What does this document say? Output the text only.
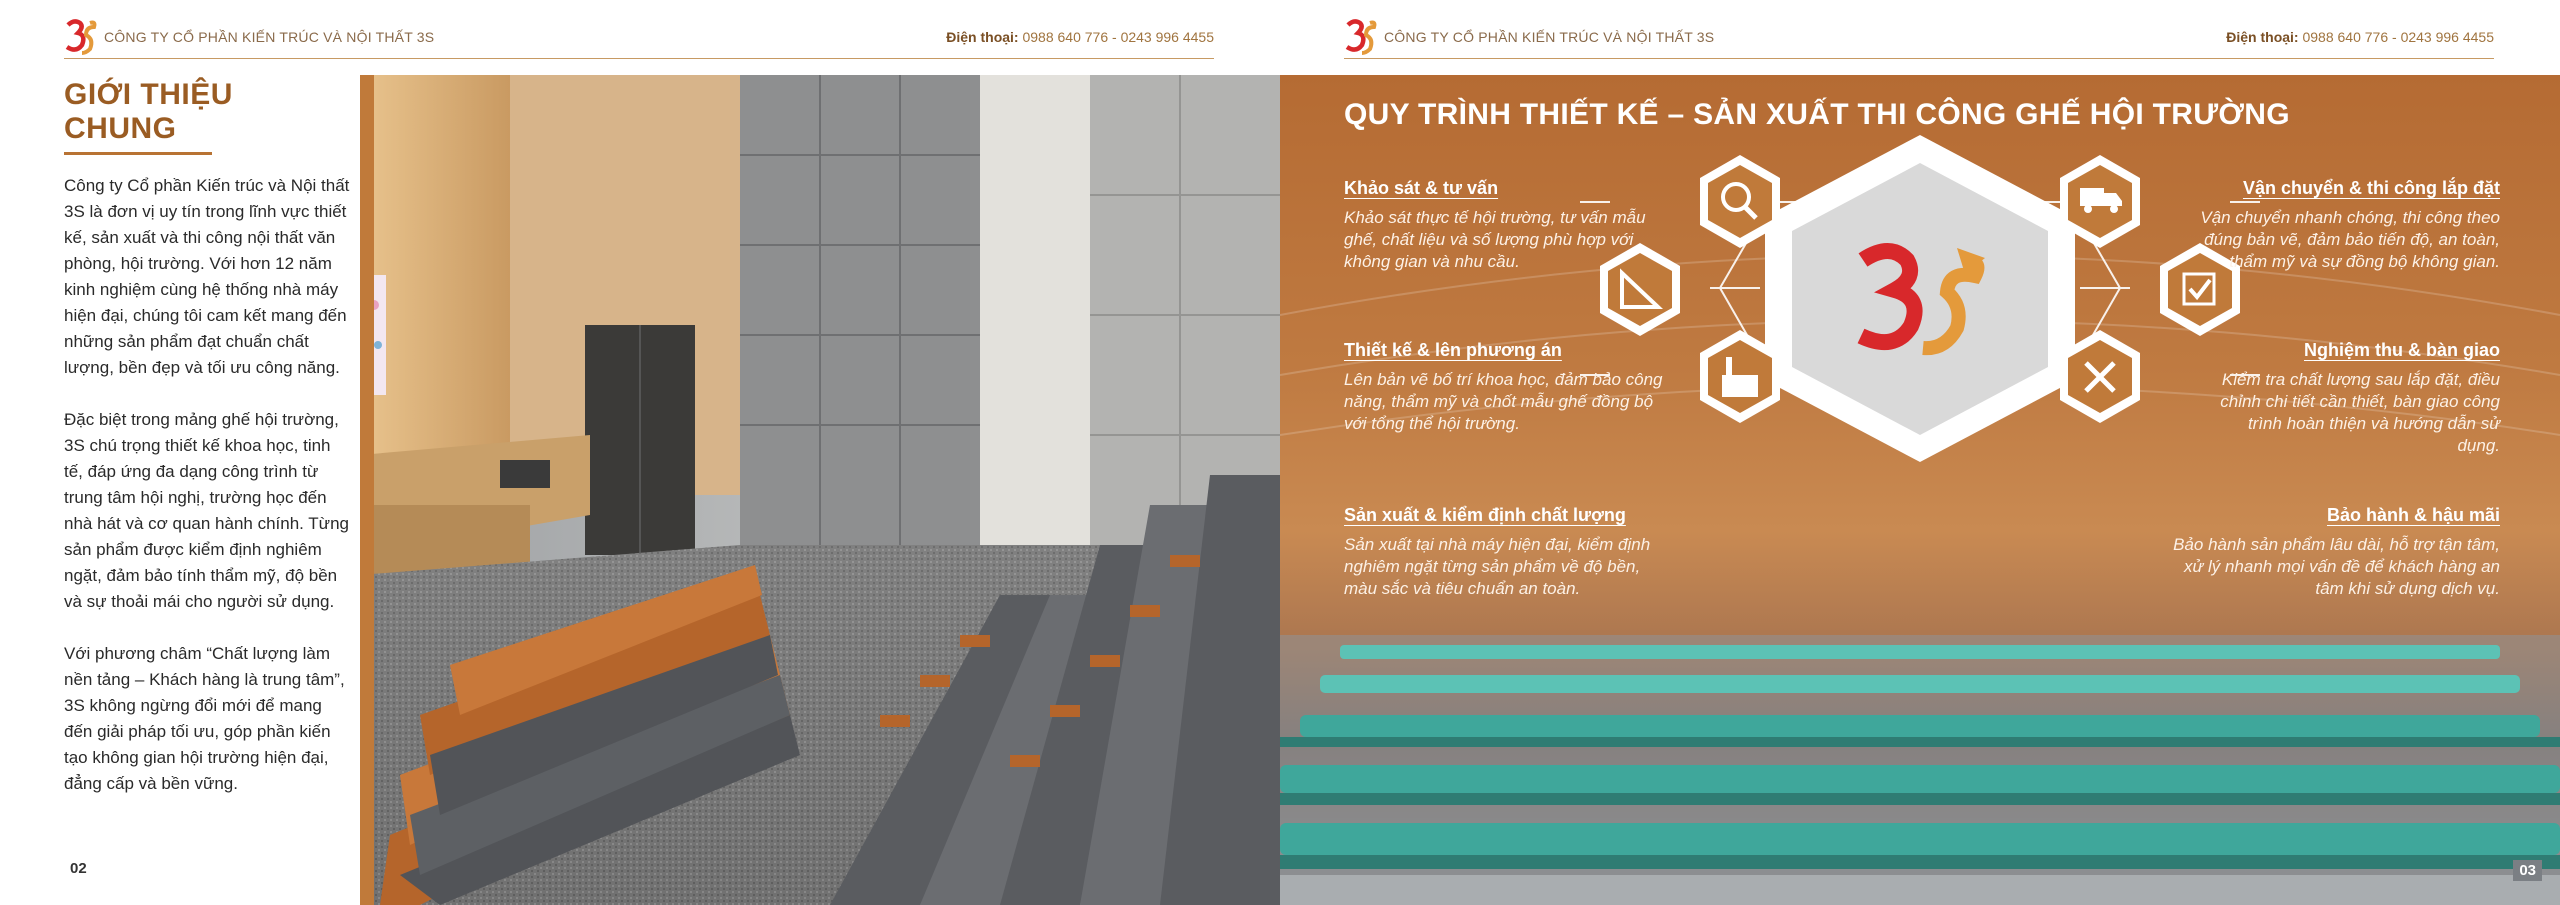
CÔNG TY CỔ PHẦN KIẾN TRÚC VÀ NỘI THẤT 3S	Điện thoại: 0988 640 776 - 0243 996 4455
GIỚI THIỆU CHUNG

Công ty Cổ phần Kiến trúc và Nội thất 3S là đơn vị uy tín trong lĩnh vực thiết kế, sản xuất và thi công nội thất văn phòng, hội trường. Với hơn 12 năm kinh nghiệm cùng hệ thống nhà máy hiện đại, chúng tôi cam kết mang đến những sản phẩm đạt chuẩn chất lượng, bền đẹp và tối ưu công năng.

Đặc biệt trong mảng ghế hội trường, 3S chú trọng thiết kế khoa học, tinh tế, đáp ứng đa dạng công trình từ trung tâm hội nghị, trường học đến nhà hát và cơ quan hành chính. Từng sản phẩm được kiểm định nghiêm ngặt, đảm bảo tính thẩm mỹ, độ bền và sự thoải mái cho người sử dụng.

Với phương châm “Chất lượng làm nền tảng – Khách hàng là trung tâm”, 3S không ngừng đổi mới để mang đến giải pháp tối ưu, góp phần kiến tạo không gian hội trường hiện đại, đẳng cấp và bền vững.

02
CÔNG TY CỔ PHẦN KIẾN TRÚC VÀ NỘI THẤT 3S	Điện thoại: 0988 640 776 - 0243 996 4455
QUY TRÌNH THIẾT KẾ – SẢN XUẤT THI CÔNG GHẾ HỘI TRƯỜNG
Khảo sát & tư vấn
Khảo sát thực tế hội trường, tư vấn mẫu ghế, chất liệu và số lượng phù hợp với không gian và nhu cầu.
Thiết kế & lên phương án
Lên bản vẽ bố trí khoa học, đảm bảo công năng, thẩm mỹ và chốt mẫu ghế đồng bộ với tổng thể hội trường.
Sản xuất & kiểm định chất lượng
Sản xuất tại nhà máy hiện đại, kiểm định nghiêm ngặt từng sản phẩm về độ bền, màu sắc và tiêu chuẩn an toàn.
Vận chuyển & thi công lắp đặt
Vận chuyển nhanh chóng, thi công theo đúng bản vẽ, đảm bảo tiến độ, an toàn, thẩm mỹ và sự đồng bộ không gian.
Nghiệm thu & bàn giao
Kiểm tra chất lượng sau lắp đặt, điều chỉnh chi tiết cần thiết, bàn giao công trình hoàn thiện và hướng dẫn sử dụng.
Bảo hành & hậu mãi
Bảo hành sản phẩm lâu dài, hỗ trợ tận tâm, xử lý nhanh mọi vấn đề để khách hàng an tâm khi sử dụng dịch vụ.
03
